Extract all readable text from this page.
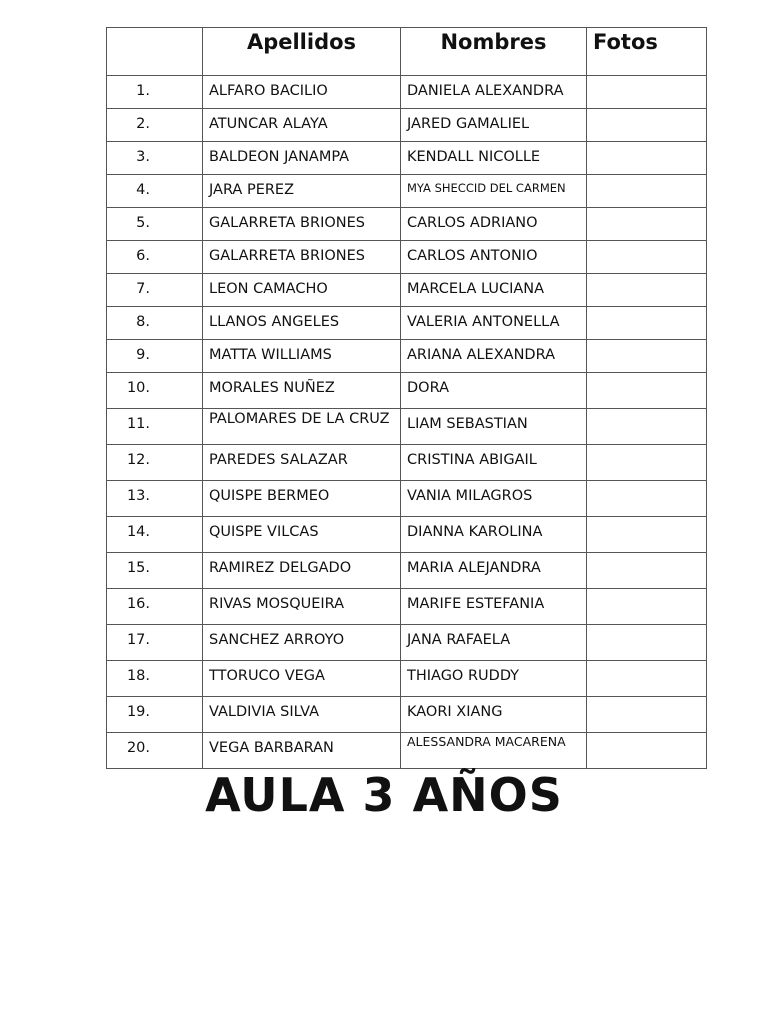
	Apellidos	Nombres	Fotos
1.	ALFARO BACILIO	DANIELA ALEXANDRA	
2.	ATUNCAR ALAYA	JARED GAMALIEL	
3.	BALDEON JANAMPA	KENDALL NICOLLE	
4.	JARA PEREZ	MYA SHECCID DEL CARMEN	
5.	GALARRETA BRIONES	CARLOS ADRIANO	
6.	GALARRETA BRIONES	CARLOS ANTONIO	
7.	LEON CAMACHO	MARCELA LUCIANA	
8.	LLANOS ANGELES	VALERIA ANTONELLA	
9.	MATTA WILLIAMS	ARIANA ALEXANDRA	
10.	MORALES NUÑEZ	DORA	
11.	PALOMARES DE LA CRUZ	LIAM SEBASTIAN	
12.	PAREDES SALAZAR	CRISTINA ABIGAIL	
13.	QUISPE BERMEO	VANIA MILAGROS	
14.	QUISPE VILCAS	DIANNA KAROLINA	
15.	RAMIREZ DELGADO	MARIA ALEJANDRA	
16.	RIVAS MOSQUEIRA	MARIFE ESTEFANIA	
17.	SANCHEZ ARROYO	JANA RAFAELA	
18.	TTORUCO VEGA	THIAGO RUDDY	
19.	VALDIVIA SILVA	KAORI XIANG	
20.	VEGA BARBARAN	ALESSANDRA MACARENA	
AULA 3 AÑOS
